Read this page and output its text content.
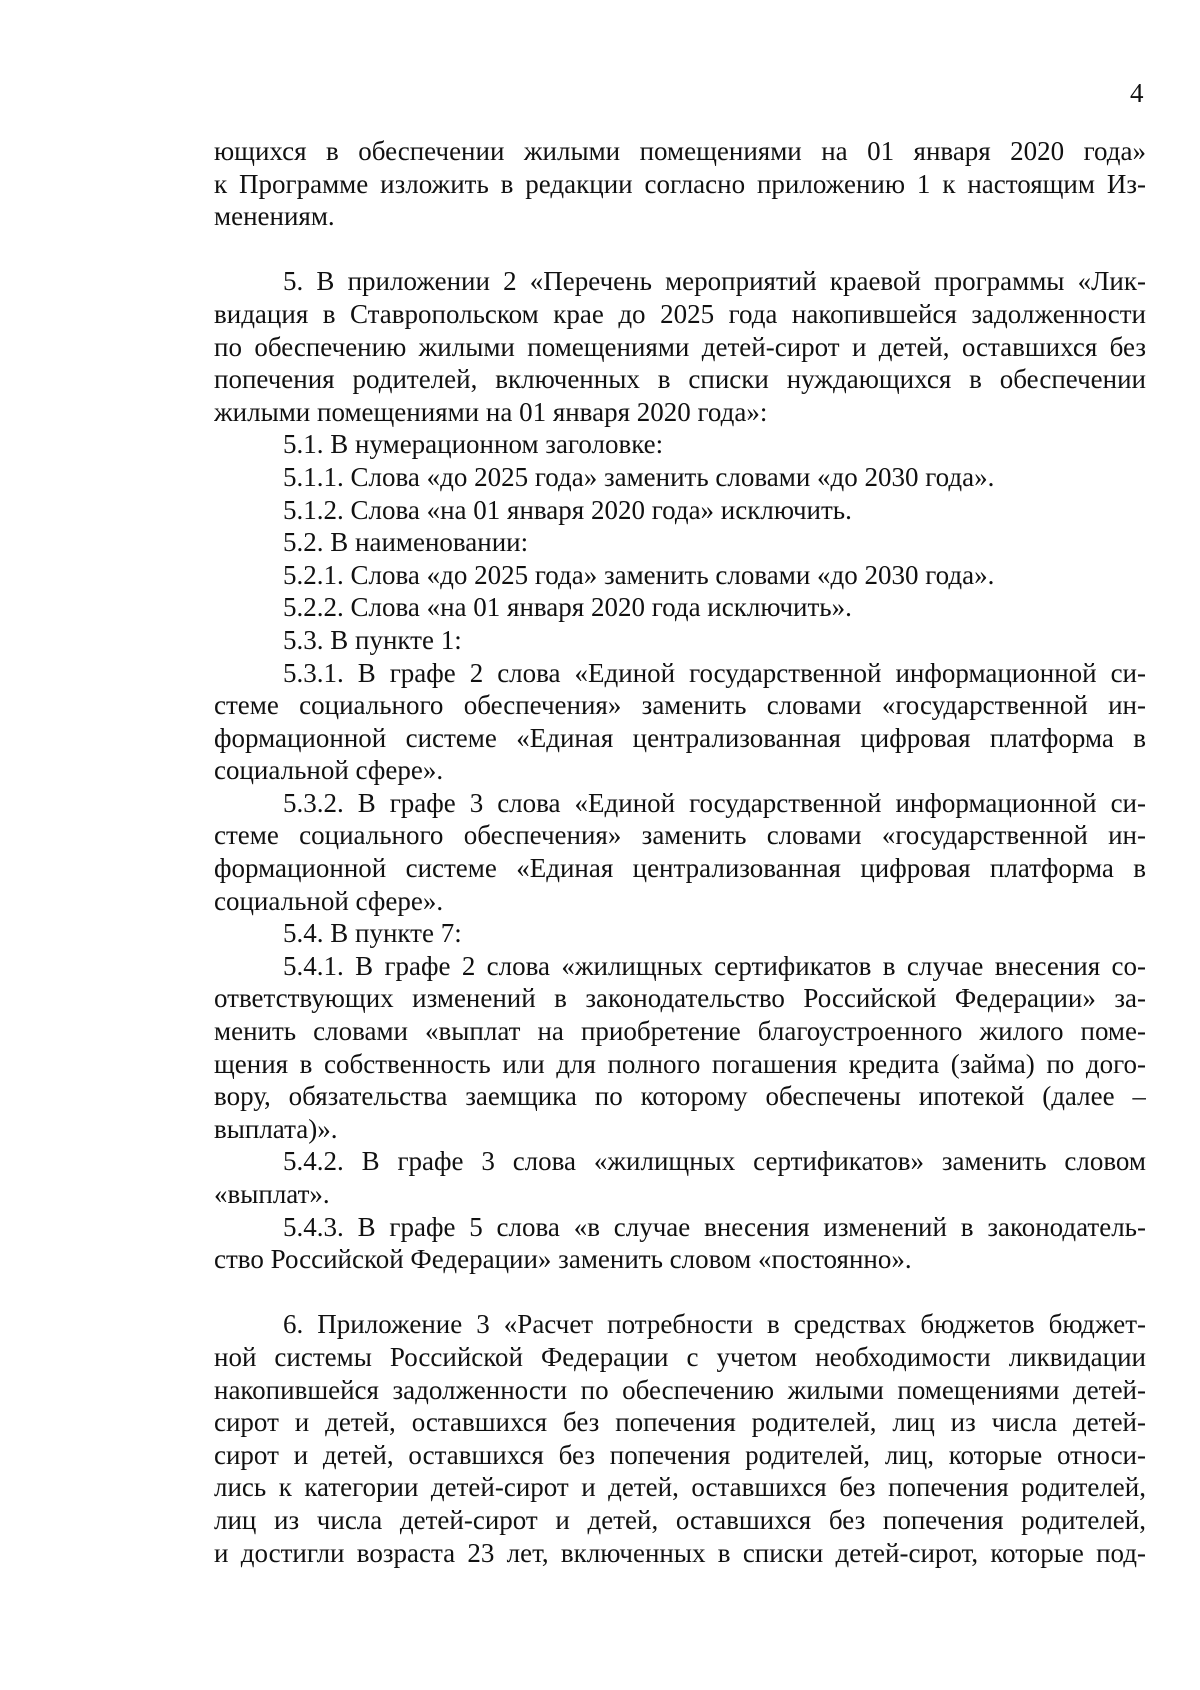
4
ющихся в обеспечении жилыми помещениями на 01 января 2020 года»
к Программе изложить в редакции согласно приложению 1 к настоящим Из-
менениям.
5. В приложении 2 «Перечень мероприятий краевой программы «Лик-
видация в Ставропольском крае до 2025 года накопившейся задолженности
по обеспечению жилыми помещениями детей-сирот и детей, оставшихся без
попечения родителей, включенных в списки нуждающихся в обеспечении
жилыми помещениями на 01 января 2020 года»:
5.1. В нумерационном заголовке:
5.1.1. Слова «до 2025 года» заменить словами «до 2030 года».
5.1.2. Слова «на 01 января 2020 года» исключить.
5.2. В наименовании:
5.2.1. Слова «до 2025 года» заменить словами «до 2030 года».
5.2.2. Слова «на 01 января 2020 года исключить».
5.3. В пункте 1:
5.3.1. В графе 2 слова «Единой государственной информационной си-
стеме социального обеспечения» заменить словами «государственной ин-
формационной системе «Единая централизованная цифровая платформа в
социальной сфере».
5.3.2. В графе 3 слова «Единой государственной информационной си-
стеме социального обеспечения» заменить словами «государственной ин-
формационной системе «Единая централизованная цифровая платформа в
социальной сфере».
5.4. В пункте 7:
5.4.1. В графе 2 слова «жилищных сертификатов в случае внесения со-
ответствующих изменений в законодательство Российской Федерации» за-
менить словами «выплат на приобретение благоустроенного жилого поме-
щения в собственность или для полного погашения кредита (займа) по дого-
вору, обязательства заемщика по которому обеспечены ипотекой (далее –
выплата)».
5.4.2. В графе 3 слова «жилищных сертификатов» заменить словом
«выплат».
5.4.3. В графе 5 слова «в случае внесения изменений в законодатель-
ство Российской Федерации» заменить словом «постоянно».
6. Приложение 3 «Расчет потребности в средствах бюджетов бюджет-
ной системы Российской Федерации с учетом необходимости ликвидации
накопившейся задолженности по обеспечению жилыми помещениями детей-
сирот и детей, оставшихся без попечения родителей, лиц из числа детей-
сирот и детей, оставшихся без попечения родителей, лиц, которые относи-
лись к категории детей-сирот и детей, оставшихся без попечения родителей,
лиц из числа детей-сирот и детей, оставшихся без попечения родителей,
и достигли возраста 23 лет, включенных в списки детей-сирот, которые под-
